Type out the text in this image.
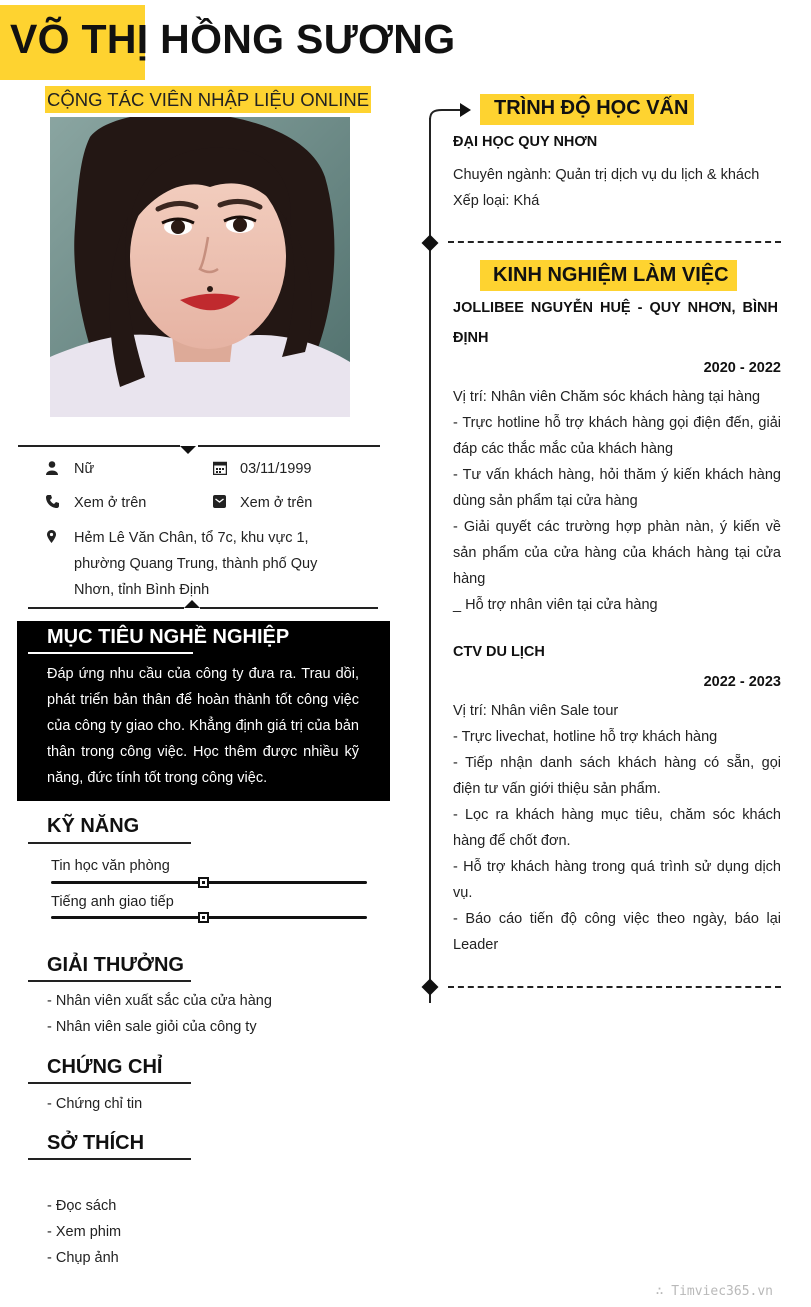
VÕ THỊ HỒNG SƯƠNG
CỘNG TÁC VIÊN NHẬP LIỆU ONLINE
Nữ	03/11/1999
Xem ở trên	Xem ở trên
Hẻm Lê Văn Chân, tổ 7c, khu vực 1,
phường Quang Trung, thành phố Quy
Nhơn, tỉnh Bình Định
MỤC TIÊU NGHỀ NGHIỆP
Đáp ứng nhu cầu của công ty đưa ra. Trau dồi, phát triển bản thân để hoàn thành tốt công việc của công ty giao cho. Khẳng định giá trị của bản thân trong công việc. Học thêm được nhiều kỹ năng, đức tính tốt trong công việc.
KỸ NĂNG
Tin học văn phòng
Tiếng anh giao tiếp
GIẢI THƯỞNG
- Nhân viên xuất sắc của cửa hàng
- Nhân viên sale giỏi của công ty
CHỨNG CHỈ
- Chứng chỉ tin
SỞ THÍCH
- Đọc sách
- Xem phim
- Chụp ảnh
TRÌNH ĐỘ HỌC VẤN
ĐẠI HỌC QUY NHƠN
Chuyên ngành: Quản trị dịch vụ du lịch & khách
Xếp loại: Khá
KINH NGHIỆM LÀM VIỆC
JOLLIBEE NGUYỄN HUỆ - QUY NHƠN, BÌNH
ĐỊNH
2020 - 2022
Vị trí: Nhân viên Chăm sóc khách hàng tại hàng
- Trực hotline hỗ trợ khách hàng gọi điện đến, giải
đáp các thắc mắc của khách hàng
- Tư vấn khách hàng, hỏi thăm ý kiến khách hàng
dùng sản phẩm tại cửa hàng
- Giải quyết các trường hợp phàn nàn, ý kiến về
sản phẩm của cửa hàng của khách hàng tại cửa
hàng
_ Hỗ trợ nhân viên tại cửa hàng
CTV DU LỊCH
2022 - 2023
Vị trí: Nhân viên Sale tour
- Trực livechat, hotline hỗ trợ khách hàng
- Tiếp nhận danh sách khách hàng có sẵn, gọi
điện tư vấn giới thiệu sản phẩm.
- Lọc ra khách hàng mục tiêu, chăm sóc khách
hàng để chốt đơn.
- Hỗ trợ khách hàng trong quá trình sử dụng dịch
vụ.
- Báo cáo tiến độ công việc theo ngày, báo lại
Leader
∴ Timviec365.vn
